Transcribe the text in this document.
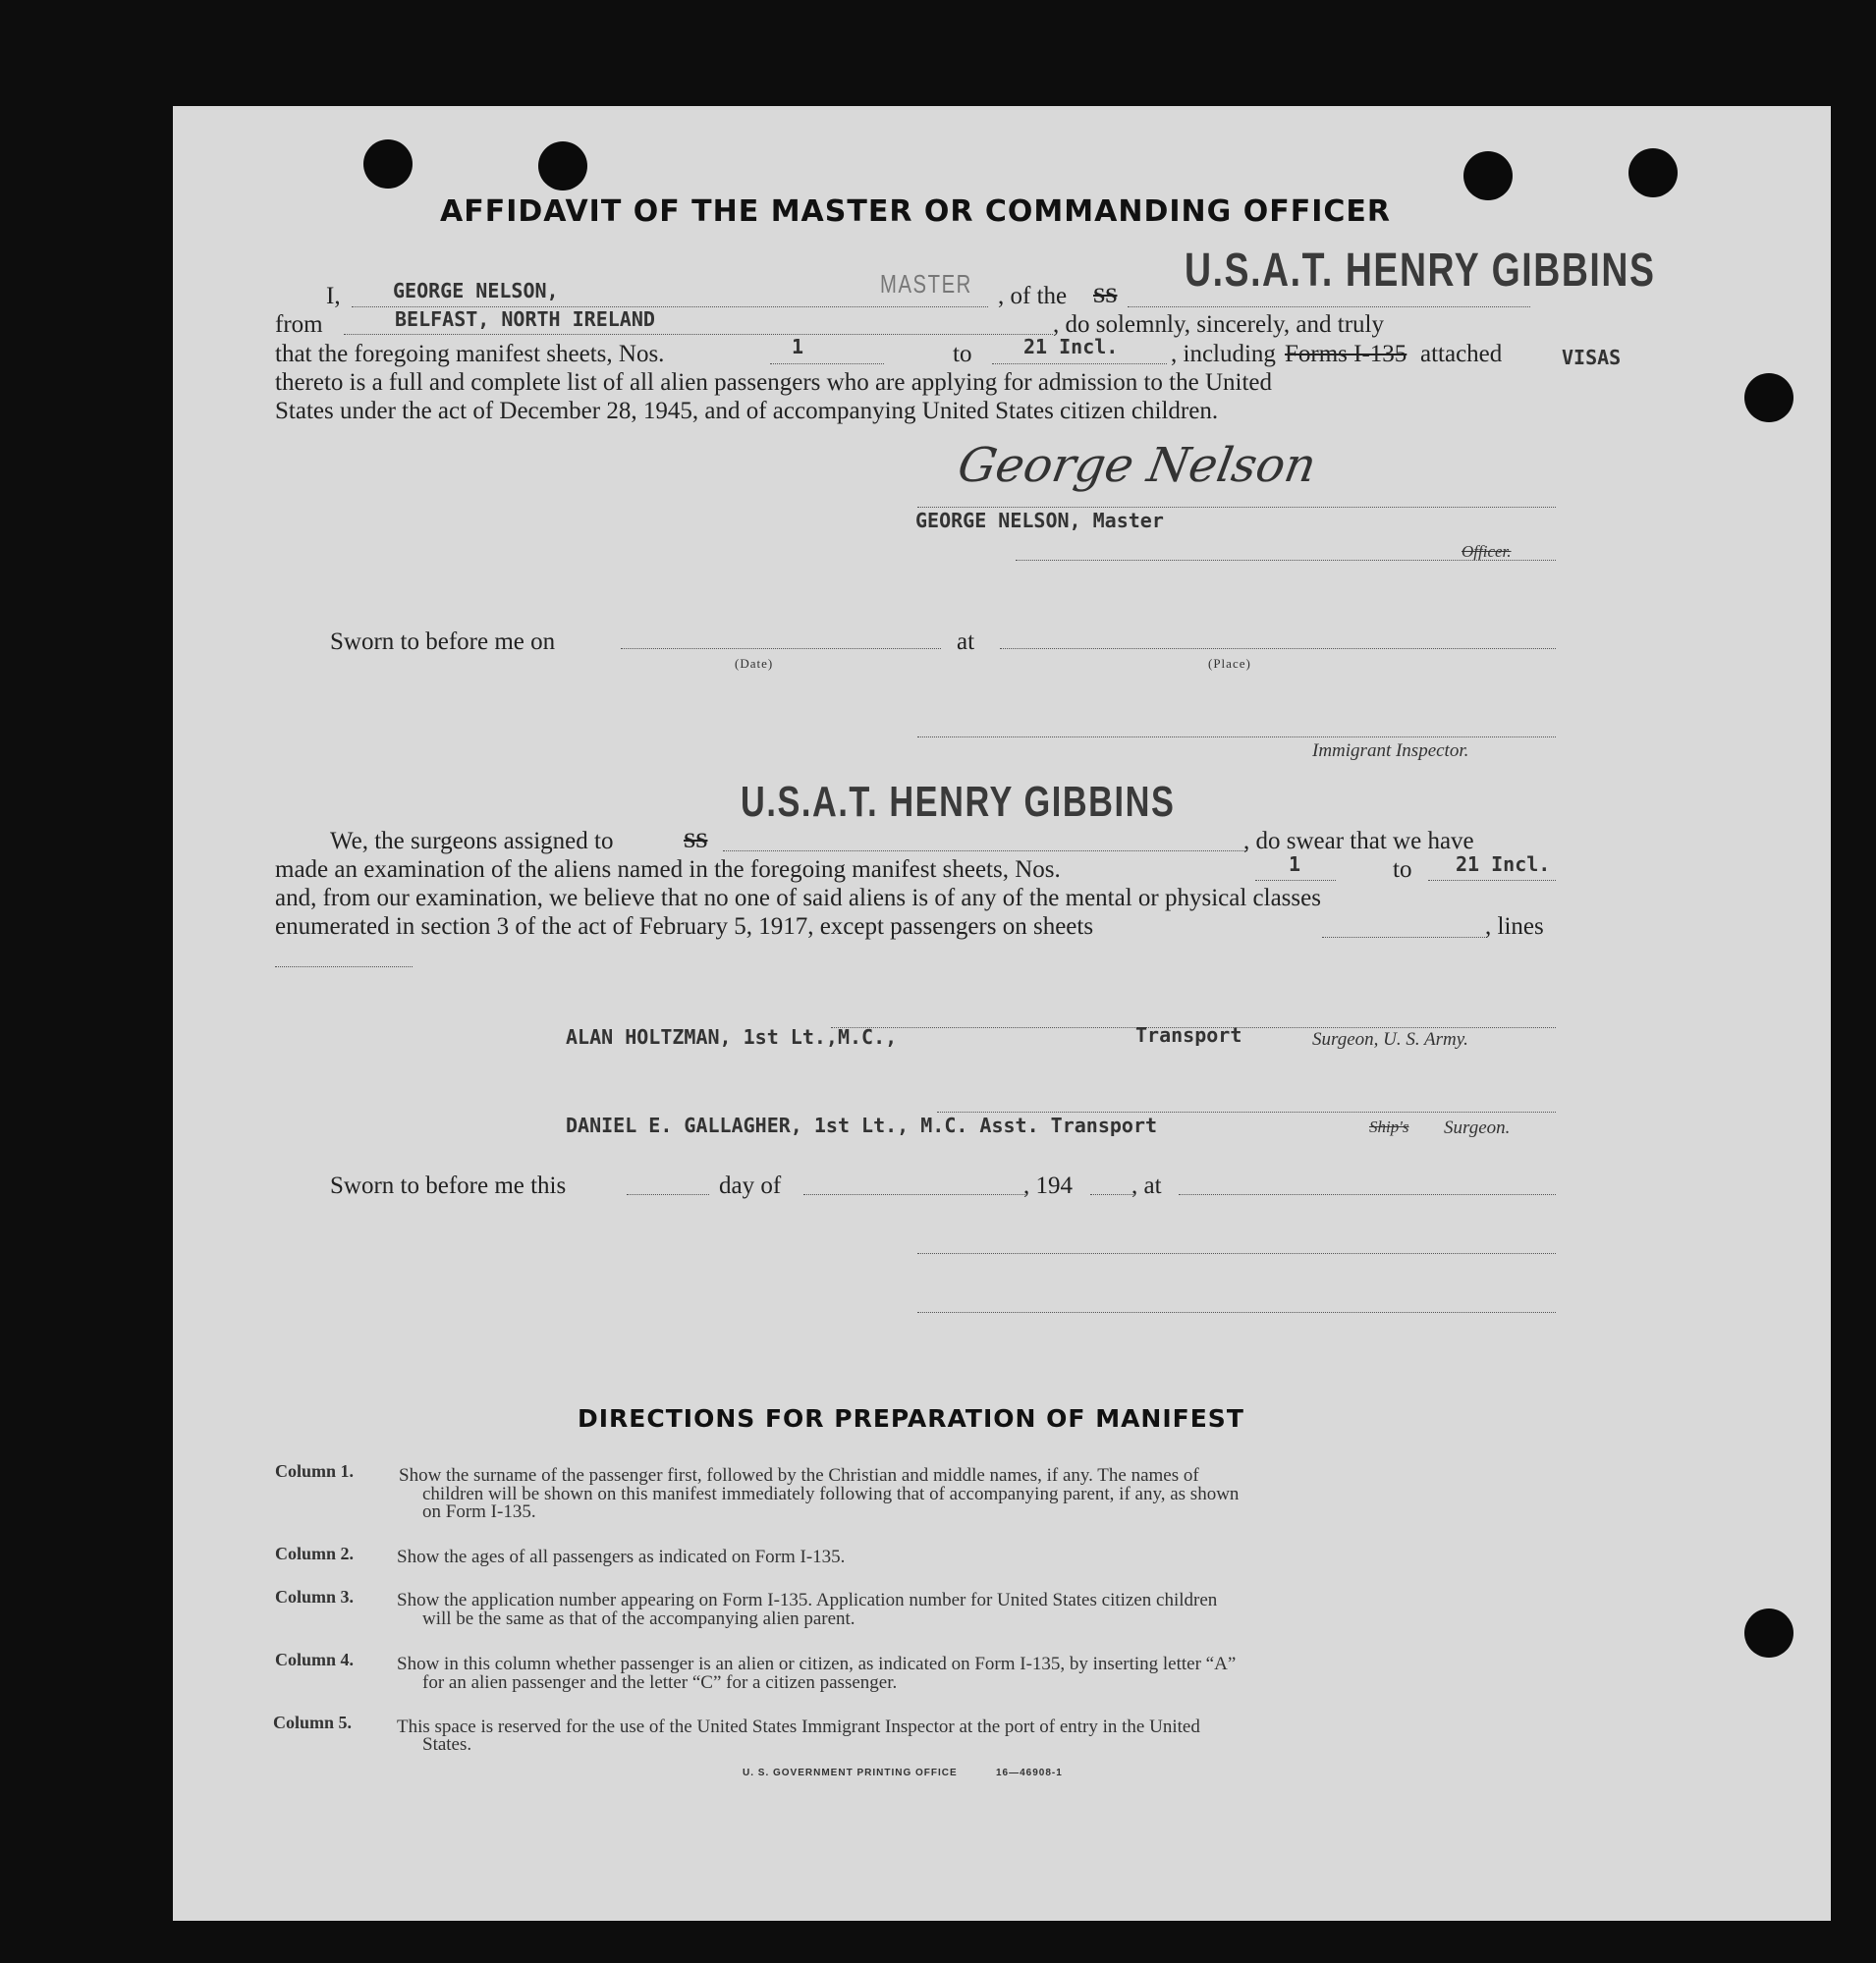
AFFIDAVIT OF THE MASTER OR COMMANDING OFFICER
I,	GEORGE NELSON,	MASTER , of the SS U.S.A.T. HENRY GIBBINS
from	BELFAST, NORTH IRELAND	, do solemnly, sincerely, and truly
that the foregoing manifest sheets, Nos.	1	to	21 Incl. , including Forms I-135 attached	VISAS
thereto is a full and complete list of all alien passengers who are applying for admission to the United
States under the act of December 28, 1945, and of accompanying United States citizen children.
George Nelson
GEORGE NELSON, Master
Officer.
Sworn to before me on	at
(Date)	(Place)
Immigrant Inspector.
U.S.A.T. HENRY GIBBINS
We, the surgeons assigned to	SS	, do swear that we have
made an examination of the aliens named in the foregoing manifest sheets, Nos.	1	to 21 Incl.
and, from our examination, we believe that no one of said aliens is of any of the mental or physical classes
enumerated in section 3 of the act of February 5, 1917, except passengers on sheets	, lines
ALAN HOLTZMAN, 1st Lt.,M.C.,	Transport	Surgeon, U. S. Army.
DANIEL E. GALLAGHER, 1st Lt., M.C. Asst. Transport	Ship's Surgeon.
Sworn to before me this	day of	, 194 , at
DIRECTIONS FOR PREPARATION OF MANIFEST
Column 1. Show the surname of the passenger first, followed by the Christian and middle names, if any. The names of
children will be shown on this manifest immediately following that of accompanying parent, if any, as shown
on Form I-135.
Column 2. Show the ages of all passengers as indicated on Form I-135.
Column 3. Show the application number appearing on Form I-135. Application number for United States citizen children
will be the same as that of the accompanying alien parent.
Column 4. Show in this column whether passenger is an alien or citizen, as indicated on Form I-135, by inserting letter “A”
for an alien passenger and the letter “C” for a citizen passenger.
Column 5. This space is reserved for the use of the United States Immigrant Inspector at the port of entry in the United
States.
U. S. GOVERNMENT PRINTING OFFICE	16—46908-1
